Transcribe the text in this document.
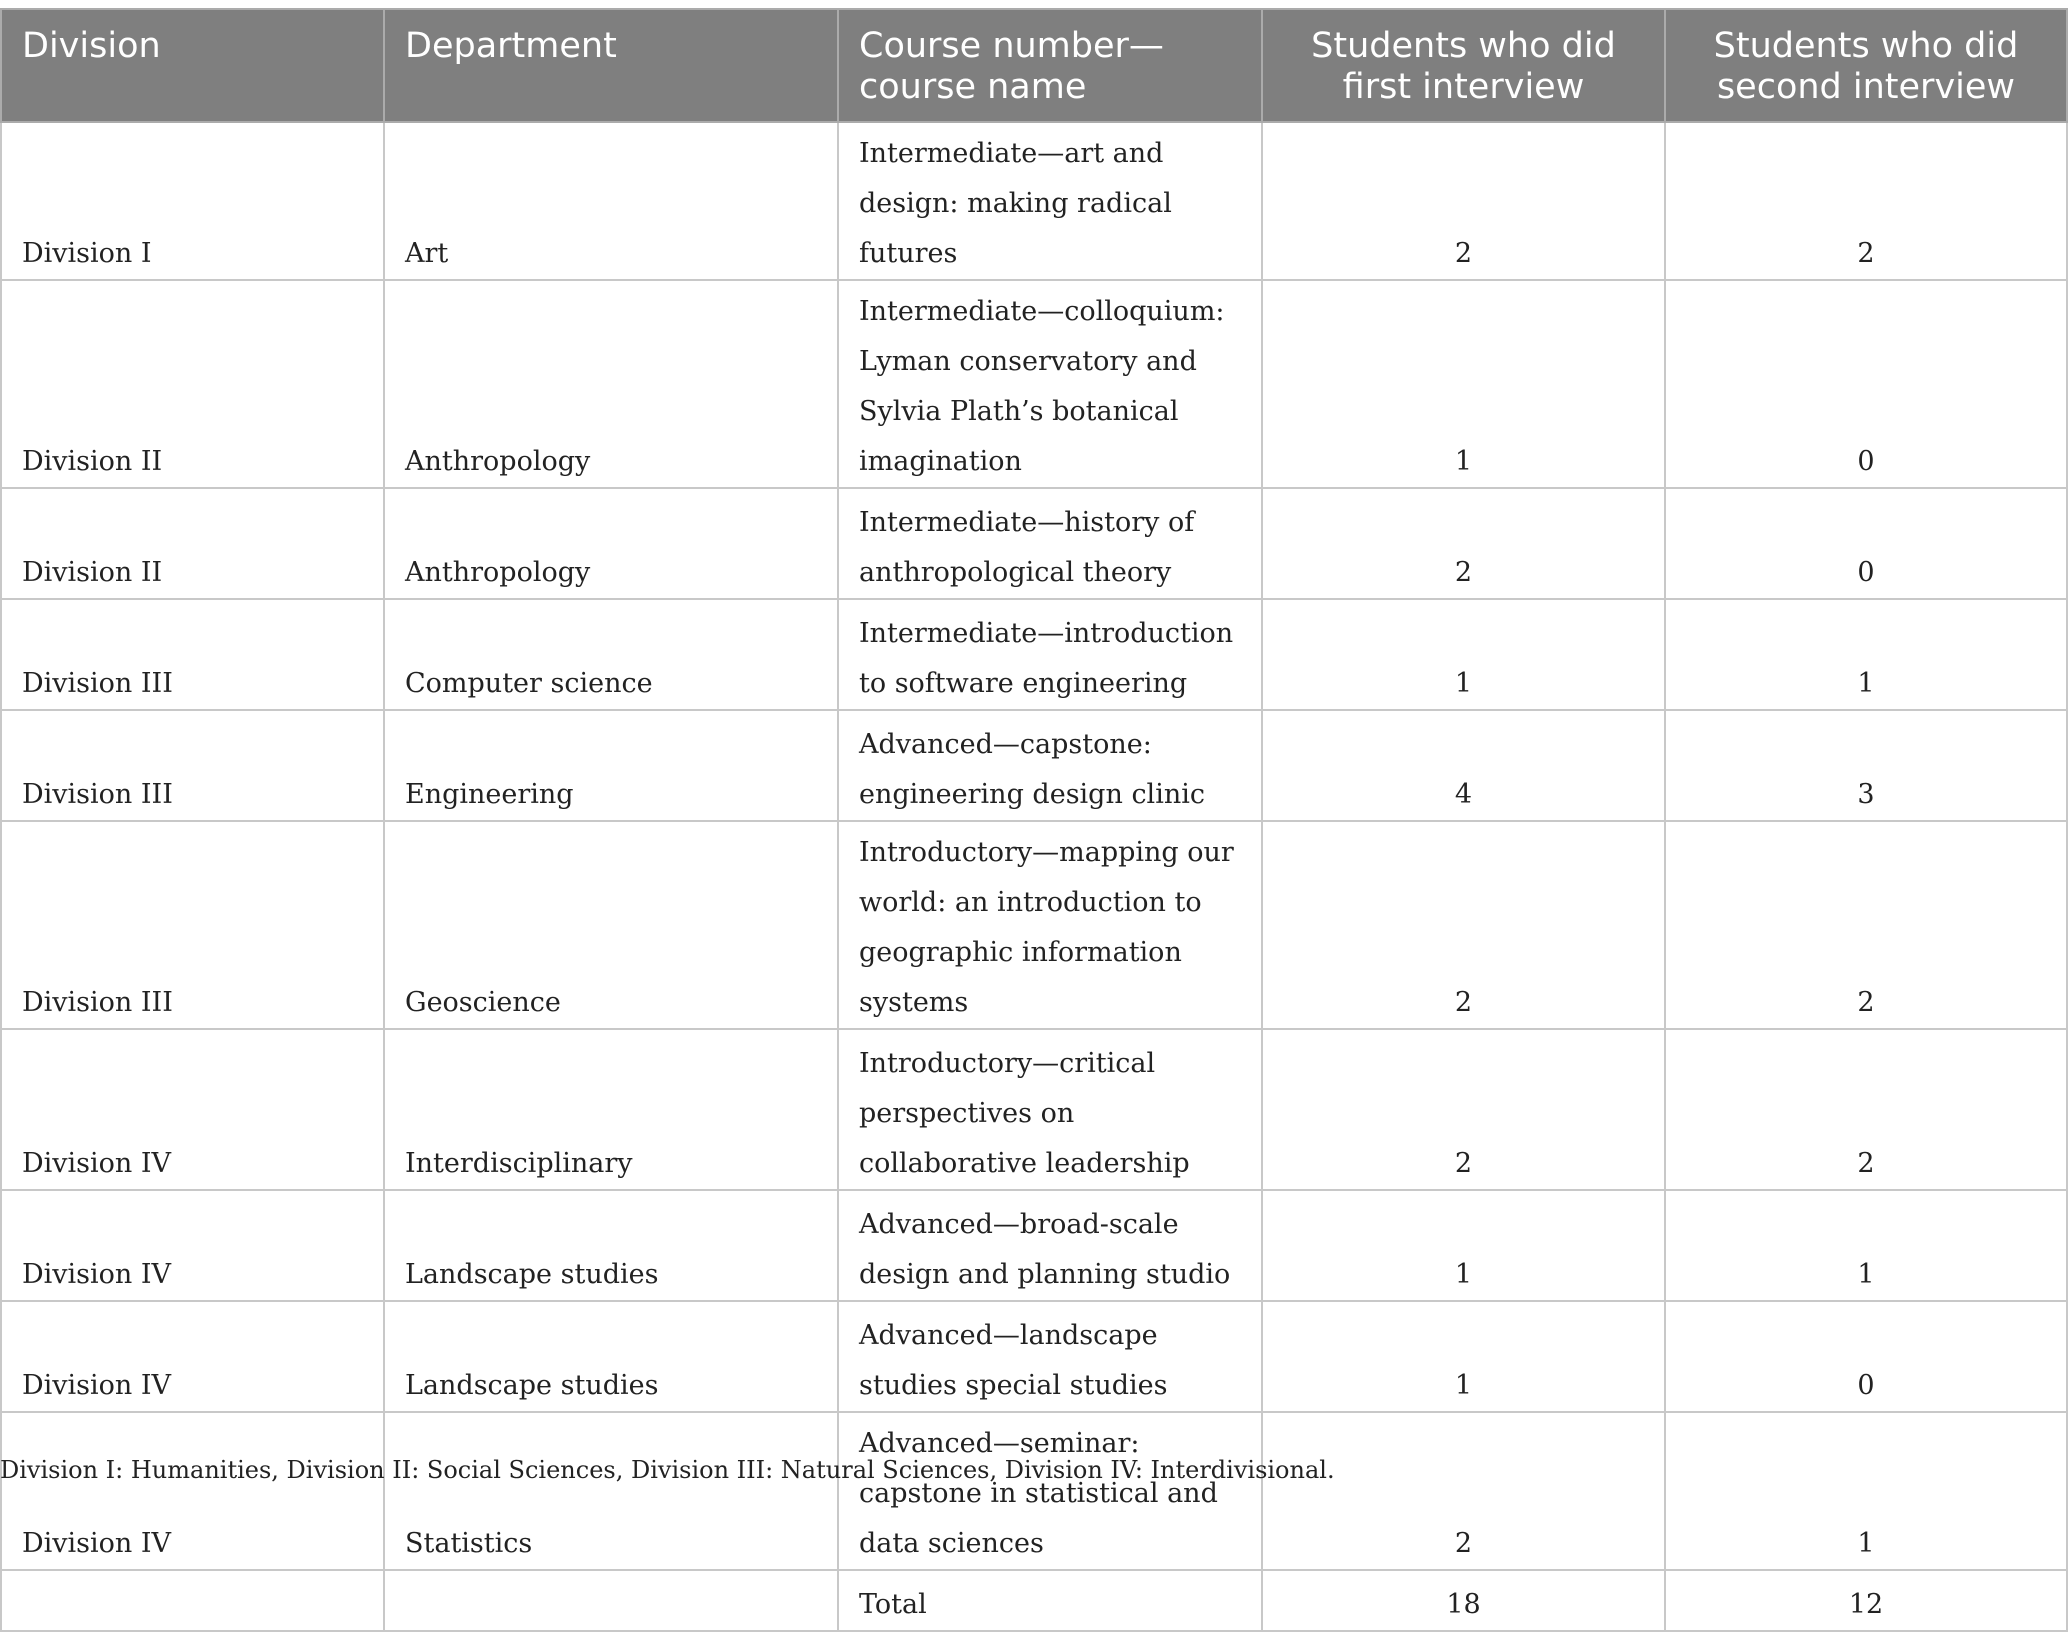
Division	Department	Course number—course name	Students who did first interview	Students who did second interview
Division I	Art	Intermediate—art and design: making radical futures	2	2
Division II	Anthropology	Intermediate—colloquium: Lyman conservatory and Sylvia Plath’s botanical imagination	1	0
Division II	Anthropology	Intermediate—history of anthropological theory	2	0
Division III	Computer science	Intermediate—introduction to software engineering	1	1
Division III	Engineering	Advanced—capstone: engineering design clinic	4	3
Division III	Geoscience	Introductory—mapping our world: an introduction to geographic information systems	2	2
Division IV	Interdisciplinary	Introductory—critical perspectives on collaborative leadership	2	2
Division IV	Landscape studies	Advanced—broad-scale design and planning studio	1	1
Division IV	Landscape studies	Advanced—landscape studies special studies	1	0
Division IV	Statistics	Advanced—seminar: capstone in statistical and data sciences	2	1
		Total	18	12
Division I: Humanities, Division II: Social Sciences, Division III: Natural Sciences, Division IV: Interdivisional.
